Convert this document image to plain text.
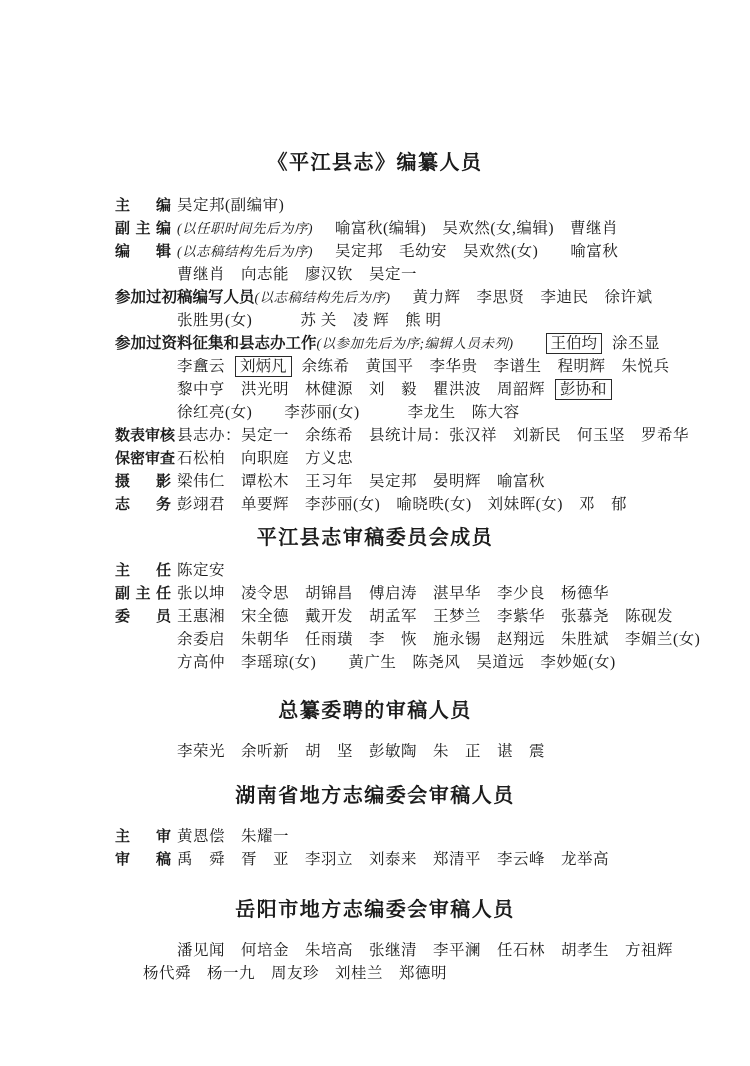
《平江县志》编纂人员
主编 吴定邦(副编审)
副主编 (以任职时间先后为序) 喻富秋(编辑)　吴欢然(女,编辑)　曹继肖
编辑 (以志稿结构先后为序) 吴定邦　毛幼安　吴欢然(女)　　喻富秋
曹继肖　向志能　廖汉钦　吴定一
参加过初稿编写人员(以志稿结构先后为序) 黄力辉　李思贤　李迪民　徐许斌
张胜男(女)　　　苏 关　凌 辉　熊 明
参加过资料征集和县志办工作(以参加先后为序;编辑人员未列) 王伯均 涂丕显
李盫云 刘炳凡 余练希　黄国平　李华贵　李谱生　程明辉　朱悦兵
黎中亨　洪光明　林健源　刘　毅　瞿洪波　周韶辉 彭协和
徐红亮(女)　　李莎丽(女)　　　李龙生　陈大容
数表审核 县志办：吴定一　余练希　县统计局：张汉祥　刘新民　何玉坚　罗希华
保密审查 石松柏　向职庭　方义忠
摄影 梁伟仁　谭松木　王习年　吴定邦　晏明辉　喻富秋
志务 彭翊君　单要辉　李莎丽(女)　喻晓昳(女)　刘妹晖(女)　邓　郁
平江县志审稿委员会成员
主任 陈定安
副主任 张以坤　凌令思　胡锦昌　傅启涛　湛早华　李少良　杨德华
委员 王惠湘　宋全德　戴开发　胡孟军　王梦兰　李紫华　张慕尧　陈砚发
余委启　朱朝华　任雨璜　李　恢　施永锡　赵翔远　朱胜斌　李媚兰(女)
方高仲　李瑶琼(女)　　黄广生　陈尧风　吴道远　李妙姬(女)
总纂委聘的审稿人员
李荣光　余听新　胡　坚　彭敏陶　朱　正　谌　震
湖南省地方志编委会审稿人员
主审 黄恩偿　朱耀一
审稿 禹　舜　胥　亚　李羽立　刘泰来　郑清平　李云峰　龙举高
岳阳市地方志编委会审稿人员
潘见闻　何培金　朱培高　张继清　李平澜　任石林　胡孝生　方祖辉
杨代舜　杨一九　周友珍　刘桂兰　郑德明
